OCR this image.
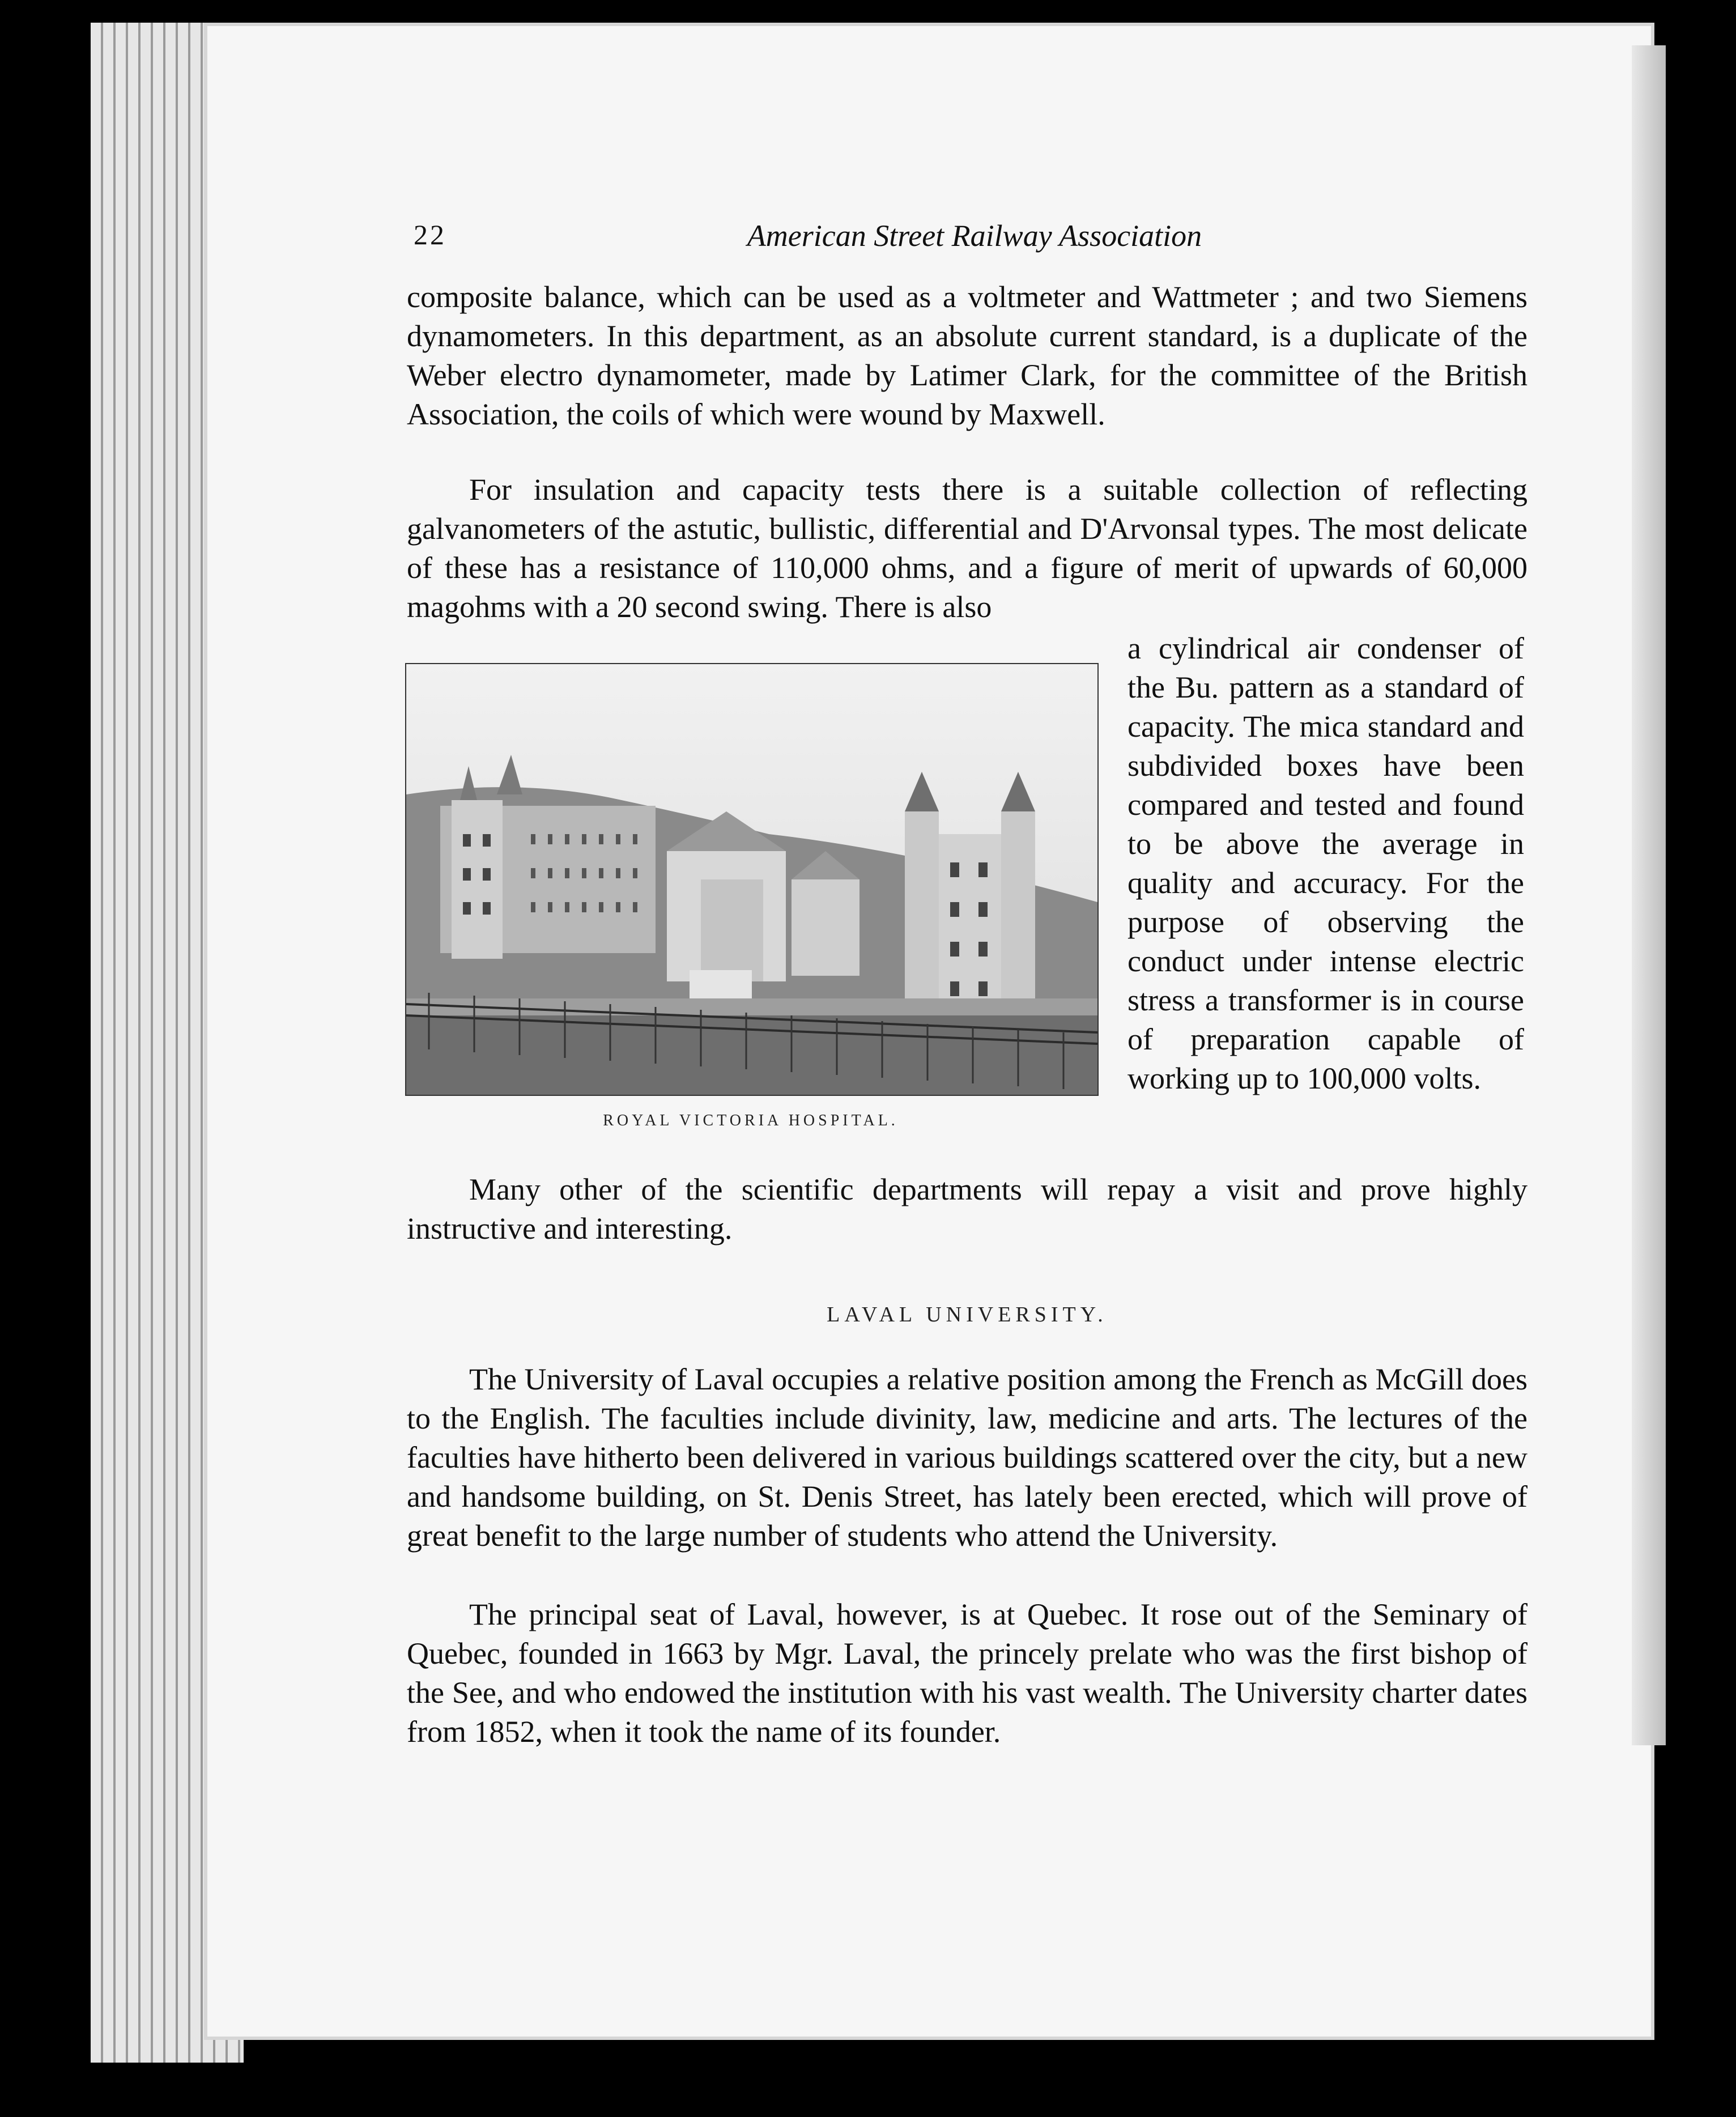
22	American Street Railway Association

composite balance, which can be used as a voltmeter and Wattmeter ; and two Siemens dynamometers. In this department, as an absolute current standard, is a duplicate of the Weber electro dynamometer, made by Latimer Clark, for the committee of the British Association, the coils of which were wound by Maxwell.

For insulation and capacity tests there is a suitable collection of reflecting galvanometers of the astutic, bullistic, differential and D'Arvonsal types. The most delicate of these has a resistance of 110,000 ohms, and a figure of merit of upwards of 60,000 magohms with a 20 second swing. There is also

a cylindrical air condenser of the Bu. pattern as a standard of capacity. The mica standard and subdivided boxes have been compared and tested and found to be above the average in quality and accuracy. For the purpose of observing the conduct under intense electric stress a transformer is in course of preparation capable of working up to 100,000 volts.

ROYAL VICTORIA HOSPITAL.

Many other of the scientific departments will repay a visit and prove highly instructive and interesting.

LAVAL UNIVERSITY.

The University of Laval occupies a relative position among the French as McGill does to the English. The faculties include divinity, law, medicine and arts. The lectures of the faculties have hitherto been delivered in various buildings scattered over the city, but a new and handsome building, on St. Denis Street, has lately been erected, which will prove of great benefit to the large number of students who attend the University.

The principal seat of Laval, however, is at Quebec. It rose out of the Seminary of Quebec, founded in 1663 by Mgr. Laval, the princely prelate who was the first bishop of the See, and who endowed the institution with his vast wealth. The University charter dates from 1852, when it took the name of its founder.
